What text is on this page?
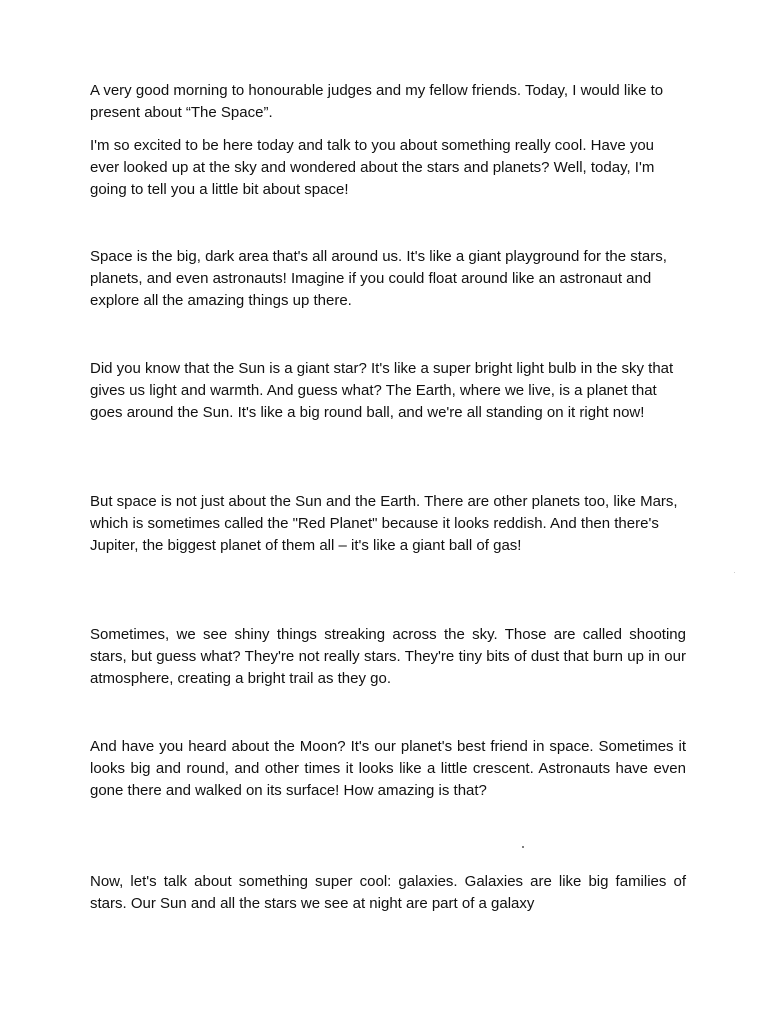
A very good morning to honourable judges and my fellow friends. Today, I would like to present about “The Space”.

I'm so excited to be here today and talk to you about something really cool. Have you ever looked up at the sky and wondered about the stars and planets? Well, today, I'm going to tell you a little bit about space!

Space is the big, dark area that's all around us. It's like a giant playground for the stars, planets, and even astronauts! Imagine if you could float around like an astronaut and explore all the amazing things up there.

Did you know that the Sun is a giant star? It's like a super bright light bulb in the sky that gives us light and warmth. And guess what? The Earth, where we live, is a planet that goes around the Sun. It's like a big round ball, and we're all standing on it right now!

But space is not just about the Sun and the Earth. There are other planets too, like Mars, which is sometimes called the "Red Planet" because it looks reddish. And then there's Jupiter, the biggest planet of them all – it's like a giant ball of gas!

Sometimes, we see shiny things streaking across the sky. Those are called shooting stars, but guess what? They're not really stars. They're tiny bits of dust that burn up in our atmosphere, creating a bright trail as they go.

And have you heard about the Moon? It's our planet's best friend in space. Sometimes it looks big and round, and other times it looks like a little crescent. Astronauts have even gone there and walked on its surface! How amazing is that?

Now, let's talk about something super cool: galaxies. Galaxies are like big families of stars. Our Sun and all the stars we see at night are part of a galaxy
